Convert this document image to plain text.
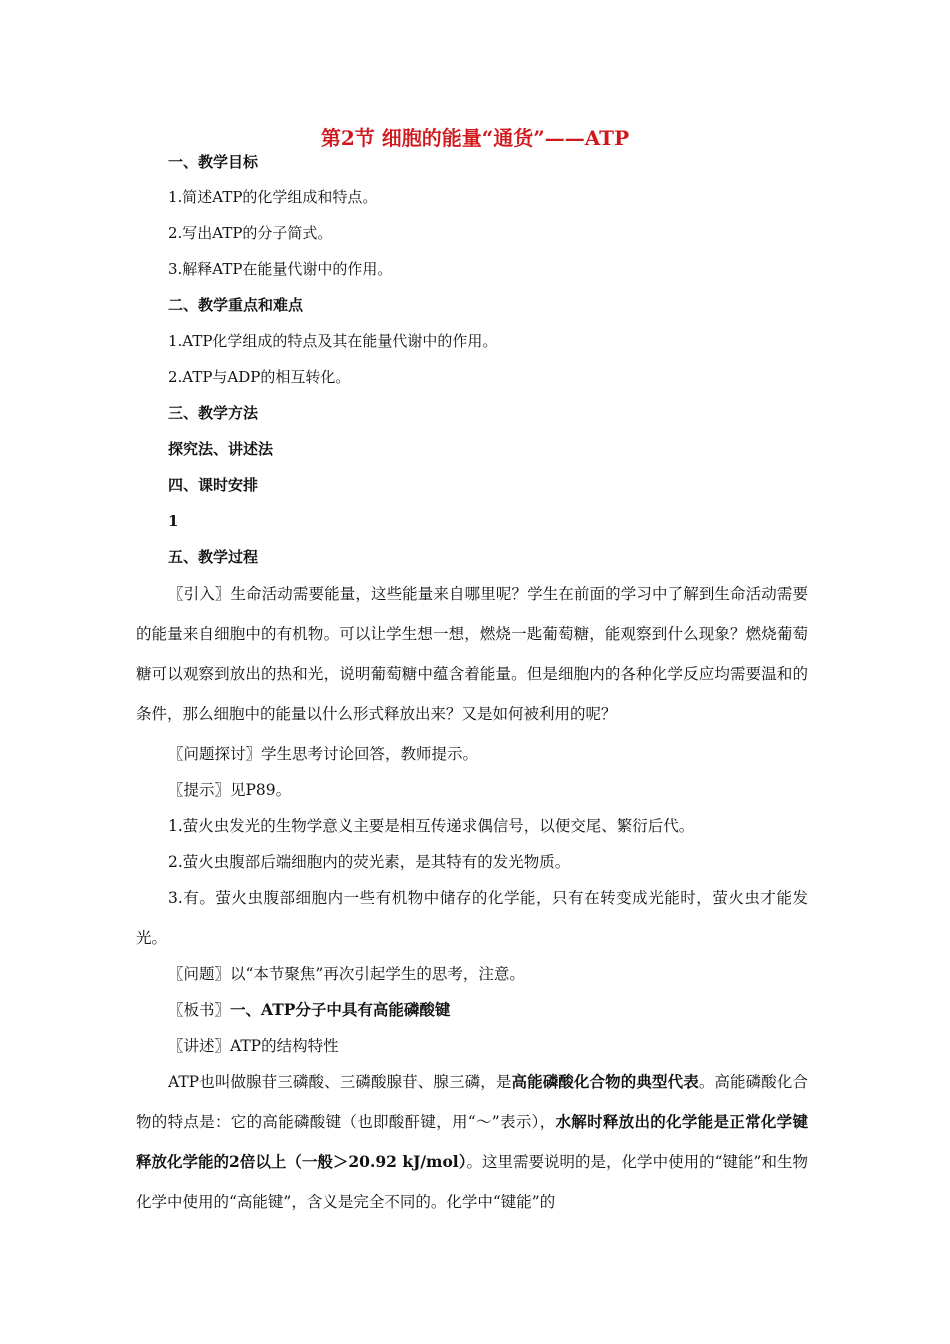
第2节 细胞的能量“通货”——ATP
一、教学目标
1.简述ATP的化学组成和特点。
2.写出ATP的分子简式。
3.解释ATP在能量代谢中的作用。
二、教学重点和难点
1.ATP化学组成的特点及其在能量代谢中的作用。
2.ATP与ADP的相互转化。
三、教学方法
探究法、讲述法
四、课时安排
1
五、教学过程
〖引入〗生命活动需要能量，这些能量来自哪里呢？学生在前面的学习中了解到生命活动需要的能量来自细胞中的有机物。可以让学生想一想，燃烧一匙葡萄糖，能观察到什么现象？燃烧葡萄糖可以观察到放出的热和光，说明葡萄糖中蕴含着能量。但是细胞内的各种化学反应均需要温和的条件，那么细胞中的能量以什么形式释放出来？又是如何被利用的呢？
〖问题探讨〗学生思考讨论回答，教师提示。
〖提示〗见P89。
1.萤火虫发光的生物学意义主要是相互传递求偶信号，以便交尾、繁衍后代。
2.萤火虫腹部后端细胞内的荧光素，是其特有的发光物质。
3.有。萤火虫腹部细胞内一些有机物中储存的化学能，只有在转变成光能时，萤火虫才能发光。
〖问题〗以“本节聚焦”再次引起学生的思考，注意。
〖板书〗一、ATP分子中具有高能磷酸键
〖讲述〗ATP的结构特性
ATP也叫做腺苷三磷酸、三磷酸腺苷、腺三磷，是高能磷酸化合物的典型代表。高能磷酸化合物的特点是：它的高能磷酸键（也即酸酐键，用“～”表示），水解时释放出的化学能是正常化学键释放化学能的2倍以上（一般＞20.92 kJ/mol）。这里需要说明的是，化学中使用的“键能”和生物化学中使用的“高能键”，含义是完全不同的。化学中“键能”的
